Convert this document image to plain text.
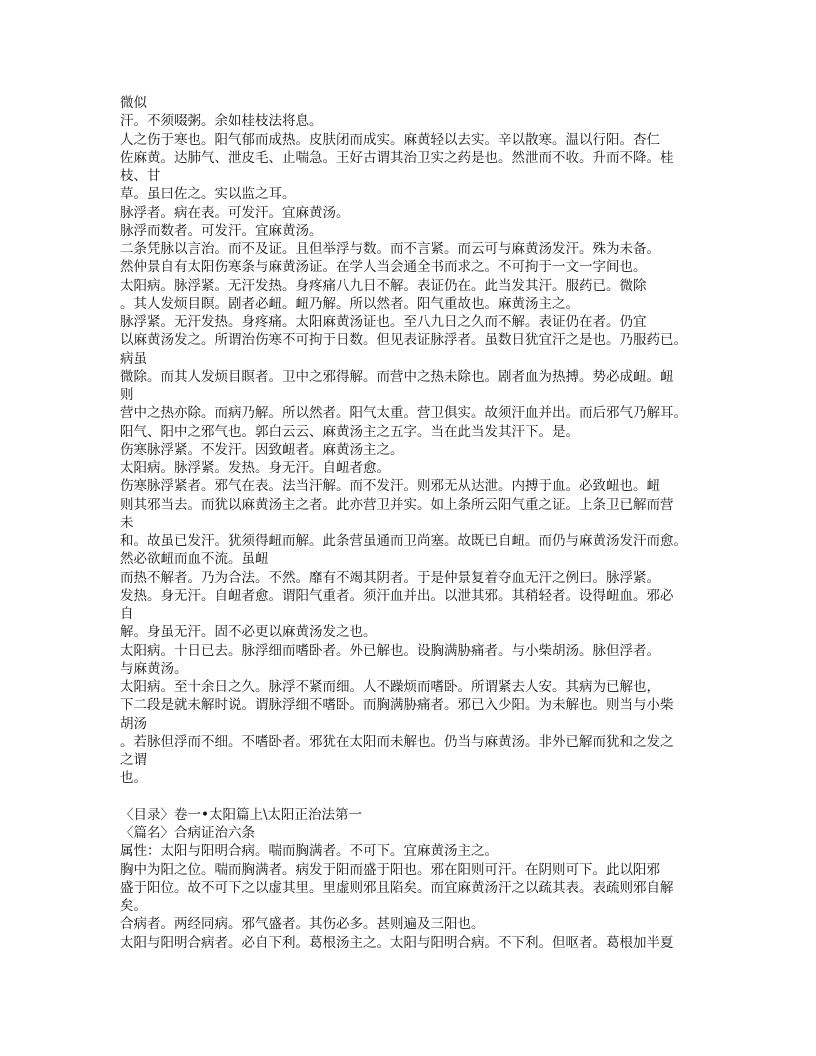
微似
汗。不须啜粥。余如桂枝法将息。
人之伤于寒也。阳气郁而成热。皮肤闭而成实。麻黄轻以去实。辛以散寒。温以行阳。杏仁
佐麻黄。达肺气、泄皮毛、止喘急。王好古谓其治卫实之药是也。然泄而不收。升而不降。桂
枝、甘
草。虽曰佐之。实以监之耳。
脉浮者。病在表。可发汗。宜麻黄汤。
脉浮而数者。可发汗。宜麻黄汤。
二条凭脉以言治。而不及证。且但举浮与数。而不言紧。而云可与麻黄汤发汗。殊为未备。
然仲景自有太阳伤寒条与麻黄汤证。在学人当会通全书而求之。不可拘于一文一字间也。
太阳病。脉浮紧。无汗发热。身疼痛八九日不解。表证仍在。此当发其汗。服药已。微除
。其人发烦目瞑。剧者必衄。衄乃解。所以然者。阳气重故也。麻黄汤主之。
脉浮紧。无汗发热。身疼痛。太阳麻黄汤证也。至八九日之久而不解。表证仍在者。仍宜
以麻黄汤发之。所谓治伤寒不可拘于日数。但见表证脉浮者。虽数日犹宜汗之是也。乃服药已。
病虽
微除。而其人发烦目瞑者。卫中之邪得解。而营中之热未除也。剧者血为热搏。势必成衄。衄
则
营中之热亦除。而病乃解。所以然者。阳气太重。营卫俱实。故须汗血并出。而后邪气乃解耳。
阳气、阳中之邪气也。郭白云云、麻黄汤主之五字。当在此当发其汗下。是。
伤寒脉浮紧。不发汗。因致衄者。麻黄汤主之。
太阳病。脉浮紧。发热。身无汗。自衄者愈。
伤寒脉浮紧者。邪气在表。法当汗解。而不发汗。则邪无从达泄。内搏于血。必致衄也。衄
则其邪当去。而犹以麻黄汤主之者。此亦营卫并实。如上条所云阳气重之证。上条卫已解而营
未
和。故虽已发汗。犹须得衄而解。此条营虽通而卫尚塞。故既已自衄。而仍与麻黄汤发汗而愈。
然必欲衄而血不流。虽衄
而热不解者。乃为合法。不然。靡有不竭其阴者。于是仲景复着夺血无汗之例曰。脉浮紧。
发热。身无汗。自衄者愈。谓阳气重者。须汗血并出。以泄其邪。其稍轻者。设得衄血。邪必
自
解。身虽无汗。固不必更以麻黄汤发之也。
太阳病。十日已去。脉浮细而嗜卧者。外已解也。设胸满胁痛者。与小柴胡汤。脉但浮者。
与麻黄汤。
太阳病。至十余日之久。脉浮不紧而细。人不躁烦而嗜卧。所谓紧去人安。其病为已解也，
下二段是就未解时说。谓脉浮细不嗜卧。而胸满胁痛者。邪已入少阳。为未解也。则当与小柴
胡汤
。若脉但浮而不细。不嗜卧者。邪犹在太阳而未解也。仍当与麻黄汤。非外已解而犹和之发之
之谓
也。
〈目录〉卷一•太阳篇上\太阳正治法第一
〈篇名〉合病证治六条
属性：太阳与阳明合病。喘而胸满者。不可下。宜麻黄汤主之。
胸中为阳之位。喘而胸满者。病发于阳而盛于阳也。邪在阳则可汗。在阴则可下。此以阳邪
盛于阳位。故不可下之以虚其里。里虚则邪且陷矣。而宜麻黄汤汗之以疏其表。表疏则邪自解
矣。
合病者。两经同病。邪气盛者。其伤必多。甚则遍及三阳也。
太阳与阳明合病者。必自下利。葛根汤主之。太阳与阳明合病。不下利。但呕者。葛根加半夏
